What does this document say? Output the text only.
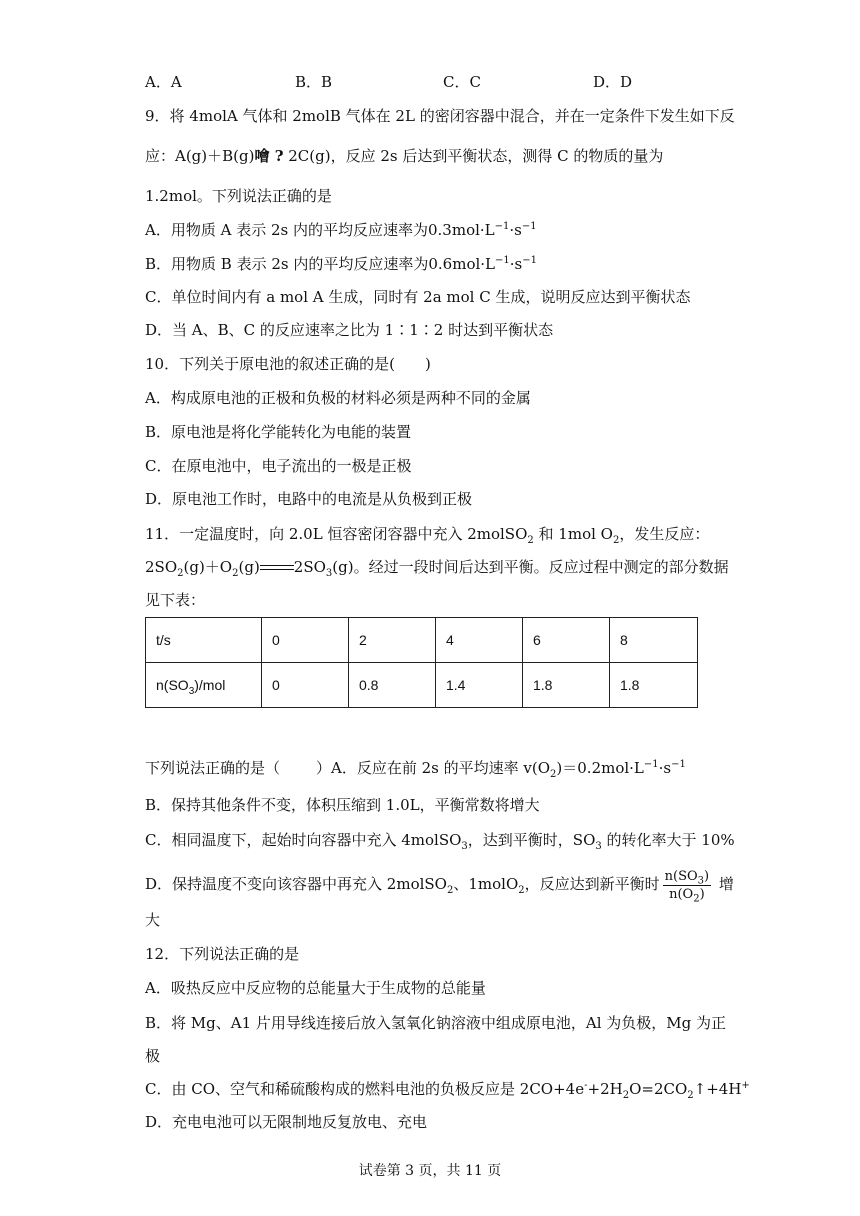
A．A	B．B	C．C	D．D
9．将 4molA 气体和 2molB 气体在 2L 的密闭容器中混合，并在一定条件下发生如下反
应：A(g)＋B(g)噲 ? 2C(g)，反应 2s 后达到平衡状态，测得 C 的物质的量为
1.2mol。下列说法正确的是
A．用物质 A 表示 2s 内的平均反应速率为$0.3mol\cdot L^{-1}\cdot s^{-1}$
B．用物质 B 表示 2s 内的平均反应速率为$0.6mol\cdot L^{-1}\cdot s^{-1}$
C．单位时间内有 a mol A 生成，同时有 2a mol C 生成，说明反应达到平衡状态
D．当 A、B、C 的反应速率之比为 1∶1∶2 时达到平衡状态
10．下列关于原电池的叙述正确的是(　　)
A．构成原电池的正极和负极的材料必须是两种不同的金属
B．原电池是将化学能转化为电能的装置
C．在原电池中，电子流出的一极是正极
D．原电池工作时，电路中的电流是从负极到正极
11．一定温度时，向 2.0L 恒容密闭容器中充入 2molSO$_2$ 和 1mol $O_2$，发生反应：
$2SO_2(g)+O_2(g)$ $2SO_3(g)$。经过一段时间后达到平衡。反应过程中测定的部分数据
见下表：
t/s	0	2	4	6	8
$n(SO_3)$/mol	0	0.8	1.4	1.8	1.8
下列说法正确的是（ ）A．反应在前 2s 的平均速率 $v(O_2)=0.2mol\cdot L^{-1}\cdot s^{-1}$
B．保持其他条件不变，体积压缩到 1.0L，平衡常数将增大
C．相同温度下，起始时向容器中充入 4molSO$_3$，达到平衡时，$SO_3$ 的转化率大于 10%
D．保持温度不变向该容器中再充入 2molSO$_2$、1molO$_2$，反应达到新平衡时 $\frac{n(SO_3)}{n(O_2)}$ 增
大
12．下列说法正确的是
A．吸热反应中反应物的总能量大于生成物的总能量
B．将 Mg、A1 片用导线连接后放入氢氧化钠溶液中组成原电池，Al 为负极，Mg 为正
极
C．由 CO、空气和稀硫酸构成的燃料电池的负极反应是 $2CO+4e^-+2H_2O=2CO_2↑+4H^+$
D．充电电池可以无限制地反复放电、充电
试卷第 3 页，共 11 页
